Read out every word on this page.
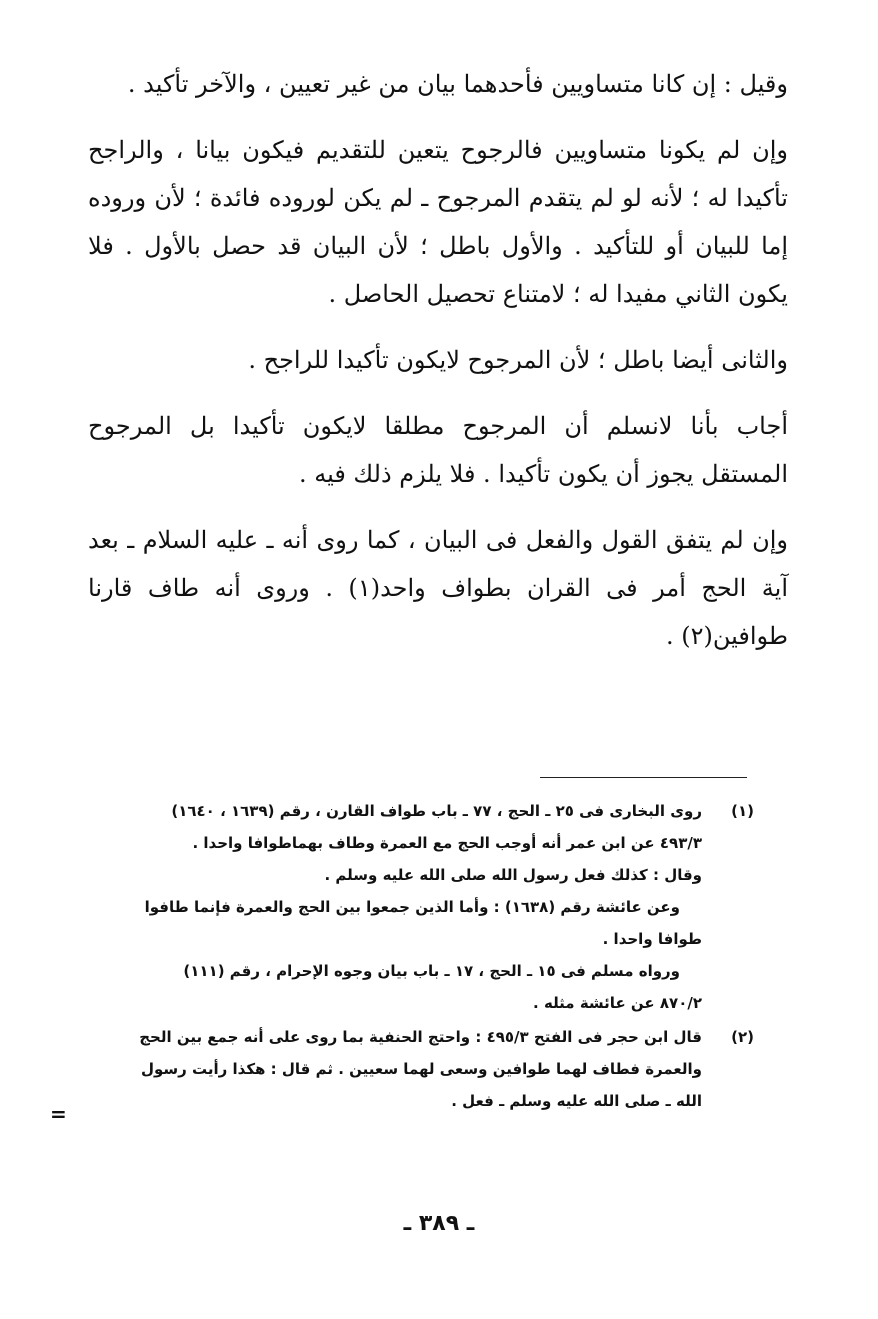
وقيل : إن كانا متساويين فأحدهما بيان من غير تعيين ، والآخر تأكيد .

وإن لم يكونا متساويين فالرجوح يتعين للتقديم فيكون بيانا ، والراجح تأكيدا له ؛ لأنه لو لم يتقدم المرجوح ـ لم يكن لوروده فائدة ؛ لأن وروده إما للبيان أو للتأكيد . والأول باطل ؛ لأن البيان قد حصل بالأول . فلا يكون الثاني مفيدا له ؛ لامتناع تحصيل الحاصل .

والثانى أيضا باطل ؛ لأن المرجوح لايكون تأكيدا للراجح .

أجاب بأنا لانسلم أن المرجوح مطلقا لايكون تأكيدا بل المرجوح المستقل يجوز أن يكون تأكيدا . فلا يلزم ذلك فيه .

وإن لم يتفق القول والفعل فى البيان ، كما روى أنه ـ عليه السلام ـ بعد آية الحج أمر فى القران بطواف واحد(١) . وروى أنه طاف قارنا طوافين(٢) .

(١)

روى البخارى فى ٢٥ ـ الحج ، ٧٧ ـ باب طواف القارن ، رقم (١٦٣٩ ، ١٦٤٠)

٤٩٣/٣ عن ابن عمر أنه أوجب الحج مع العمرة وطاف بهماطوافا واحدا .

وقال : كذلك فعل رسول الله صلى الله عليه وسلم .

وعن عائشة رقم (١٦٣٨) : وأما الذين جمعوا بين الحج والعمرة فإنما طافوا

طوافا واحدا .

ورواه مسلم فى ١٥ ـ الحج ، ١٧ ـ باب بيان وجوه الإحرام ، رقم (١١١)

٨٧٠/٢ عن عائشة مثله .

(٢)

قال ابن حجر فى الفتح ٤٩٥/٣ : واحتج الحنفية بما روى على أنه جمع بين الحج

والعمرة فطاف لهما طوافين وسعى لهما سعيين . ثم قال : هكذا رأيت رسول

الله ـ صلى الله عليه وسلم ـ فعل .

=
ـ ٣٨٩ ـ
